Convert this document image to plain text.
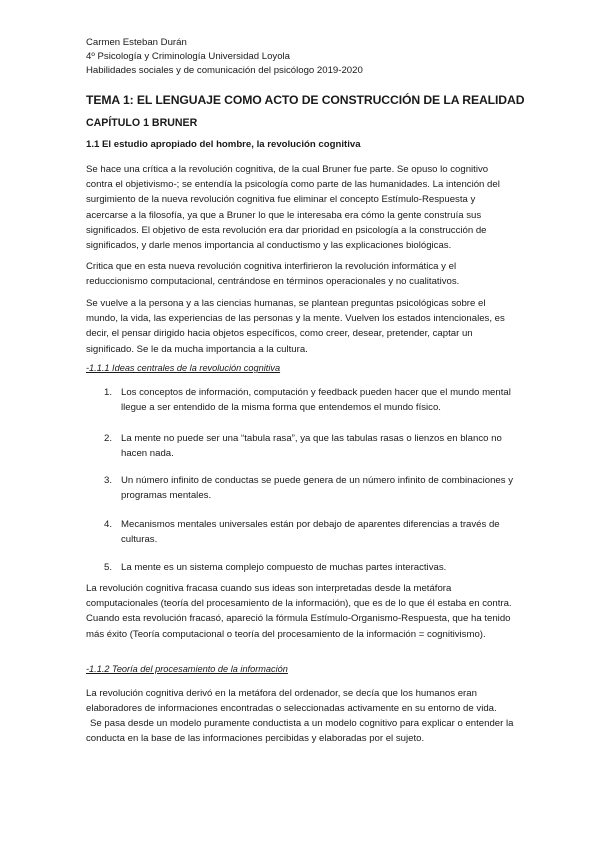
Carmen Esteban Durán
4º Psicología y Criminología Universidad Loyola
Habilidades sociales y de comunicación del psicólogo 2019-2020
TEMA 1: EL LENGUAJE COMO ACTO DE CONSTRUCCIÓN DE LA REALIDAD
CAPÍTULO 1 BRUNER
1.1 El estudio apropiado del hombre, la revolución cognitiva

Se hace una crítica a la revolución cognitiva, de la cual Bruner fue parte. Se opuso lo cognitivo contra el objetivismo-; se entendía la psicología como parte de las humanidades. La intención del surgimiento de la nueva revolución cognitiva fue eliminar el concepto Estímulo-Respuesta y acercarse a la filosofía, ya que a Bruner lo que le interesaba era cómo la gente construía sus significados. El objetivo de esta revolución era dar prioridad en psicología a la construcción de significados, y darle menos importancia al conductismo y las explicaciones biológicas.

Critica que en esta nueva revolución cognitiva interfirieron la revolución informática y el reduccionismo computacional, centrándose en términos operacionales y no cualitativos.

Se vuelve a la persona y a las ciencias humanas, se plantean preguntas psicológicas sobre el mundo, la vida, las experiencias de las personas y la mente. Vuelven los estados intencionales, es decir, el pensar dirigido hacia objetos específicos, como creer, desear, pretender, captar un significado. Se le da mucha importancia a la cultura.

-1.1.1 Ideas centrales de la revolución cognitiva
1. Los conceptos de información, computación y feedback pueden hacer que el mundo mental llegue a ser entendido de la misma forma que entendemos el mundo físico.
2. La mente no puede ser una “tabula rasa”, ya que las tabulas rasas o lienzos en blanco no hacen nada.
3. Un número infinito de conductas se puede genera de un número infinito de combinaciones y programas mentales.
4. Mecanismos mentales universales están por debajo de aparentes diferencias a través de culturas.
5. La mente es un sistema complejo compuesto de muchas partes interactivas.

La revolución cognitiva fracasa cuando sus ideas son interpretadas desde la metáfora computacionales (teoría del procesamiento de la información), que es de lo que él estaba en contra. Cuando esta revolución fracasó, apareció la fórmula Estímulo-Organismo-Respuesta, que ha tenido más éxito (Teoría computacional o teoría del procesamiento de la información = cognitivismo).

-1.1.2 Teoría del procesamiento de la información

La revolución cognitiva derivó en la metáfora del ordenador, se decía que los humanos eran elaboradores de informaciones encontradas o seleccionadas activamente en su entorno de vida.

Se pasa desde un modelo puramente conductista a un modelo cognitivo para explicar o entender la conducta en la base de las informaciones percibidas y elaboradas por el sujeto.
